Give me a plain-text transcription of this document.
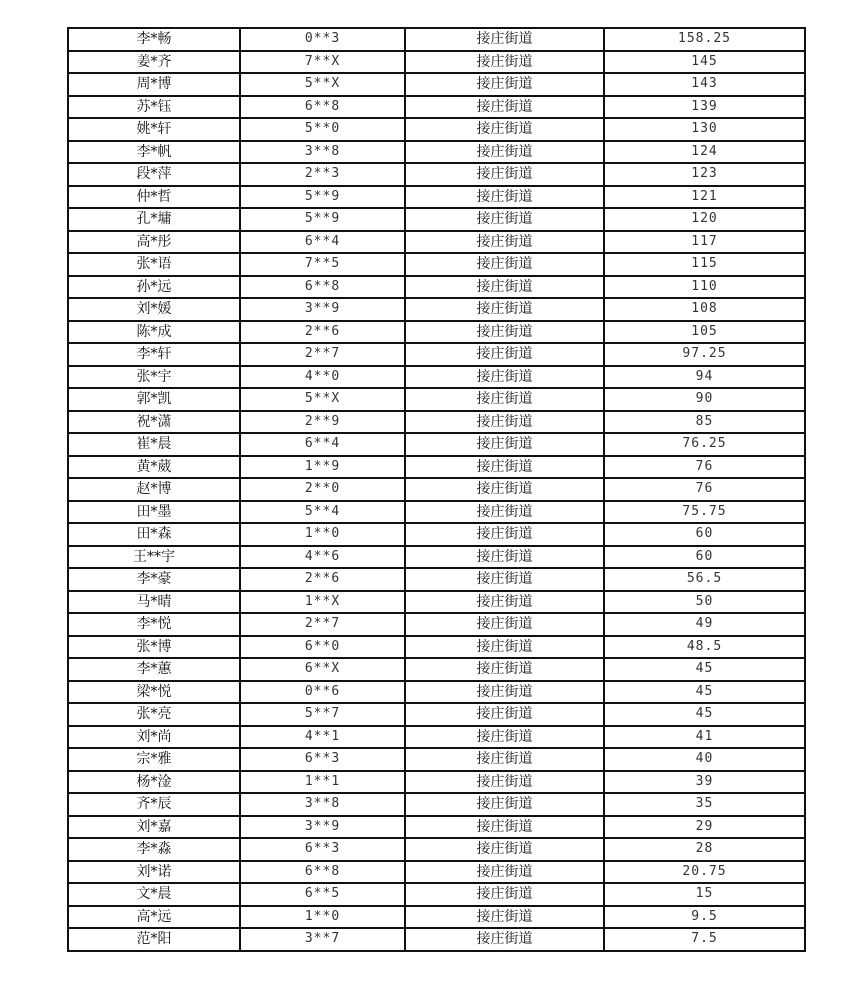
李*畅	0**3	接庄街道	158.25
姜*齐	7**X	接庄街道	145
周*博	5**X	接庄街道	143
苏*钰	6**8	接庄街道	139
姚*轩	5**0	接庄街道	130
李*帆	3**8	接庄街道	124
段*萍	2**3	接庄街道	123
仲*哲	5**9	接庄街道	121
孔*墉	5**9	接庄街道	120
高*彤	6**4	接庄街道	117
张*语	7**5	接庄街道	115
孙*远	6**8	接庄街道	110
刘*媛	3**9	接庄街道	108
陈*成	2**6	接庄街道	105
李*轩	2**7	接庄街道	97.25
张*宇	4**0	接庄街道	94
郭*凯	5**X	接庄街道	90
祝*潇	2**9	接庄街道	85
崔*晨	6**4	接庄街道	76.25
黄*葳	1**9	接庄街道	76
赵*博	2**0	接庄街道	76
田*墨	5**4	接庄街道	75.75
田*森	1**0	接庄街道	60
王**宇	4**6	接庄街道	60
李*豪	2**6	接庄街道	56.5
马*晴	1**X	接庄街道	50
李*悦	2**7	接庄街道	49
张*博	6**0	接庄街道	48.5
李*蕙	6**X	接庄街道	45
梁*悦	0**6	接庄街道	45
张*亮	5**7	接庄街道	45
刘*尚	4**1	接庄街道	41
宗*雅	6**3	接庄街道	40
杨*淦	1**1	接庄街道	39
齐*辰	3**8	接庄街道	35
刘*嘉	3**9	接庄街道	29
李*淼	6**3	接庄街道	28
刘*诺	6**8	接庄街道	20.75
文*晨	6**5	接庄街道	15
高*远	1**0	接庄街道	9.5
范*阳	3**7	接庄街道	7.5
